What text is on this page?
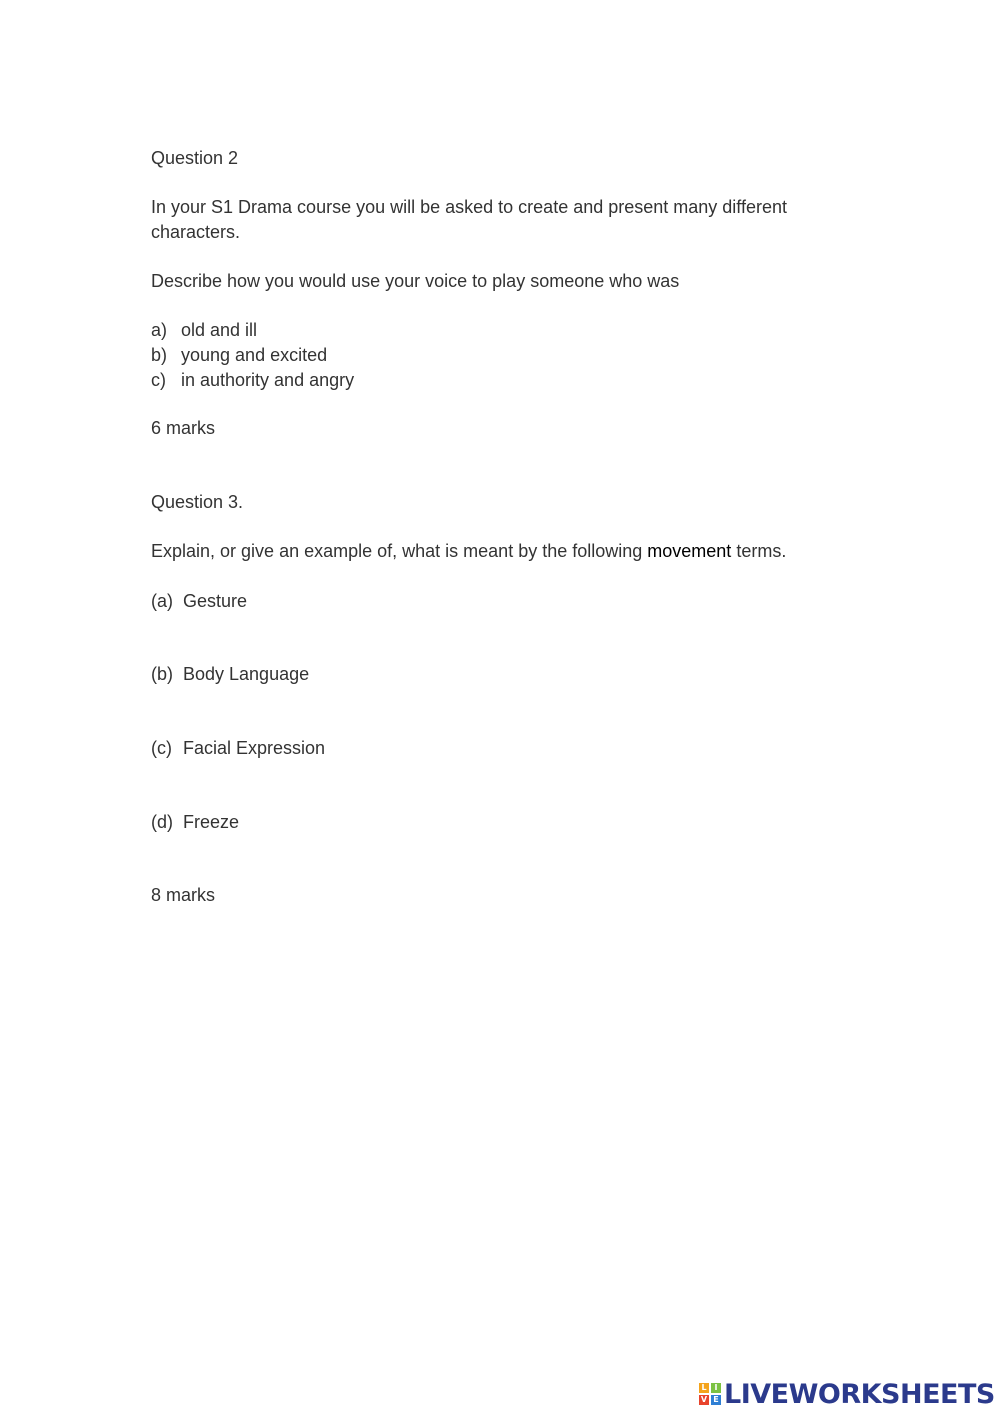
Question 2

In your S1 Drama course you will be asked to create and present many different characters.

Describe how you would use your voice to play someone who was

a) old and ill
b) young and excited
c) in authority and angry

6 marks

Question 3.

Explain, or give an example of, what is meant by the following movement terms.

(a) Gesture
(b) Body Language
(c) Facial Expression
(d) Freeze

8 marks

L I
V E LIVEWORKSHEETS
